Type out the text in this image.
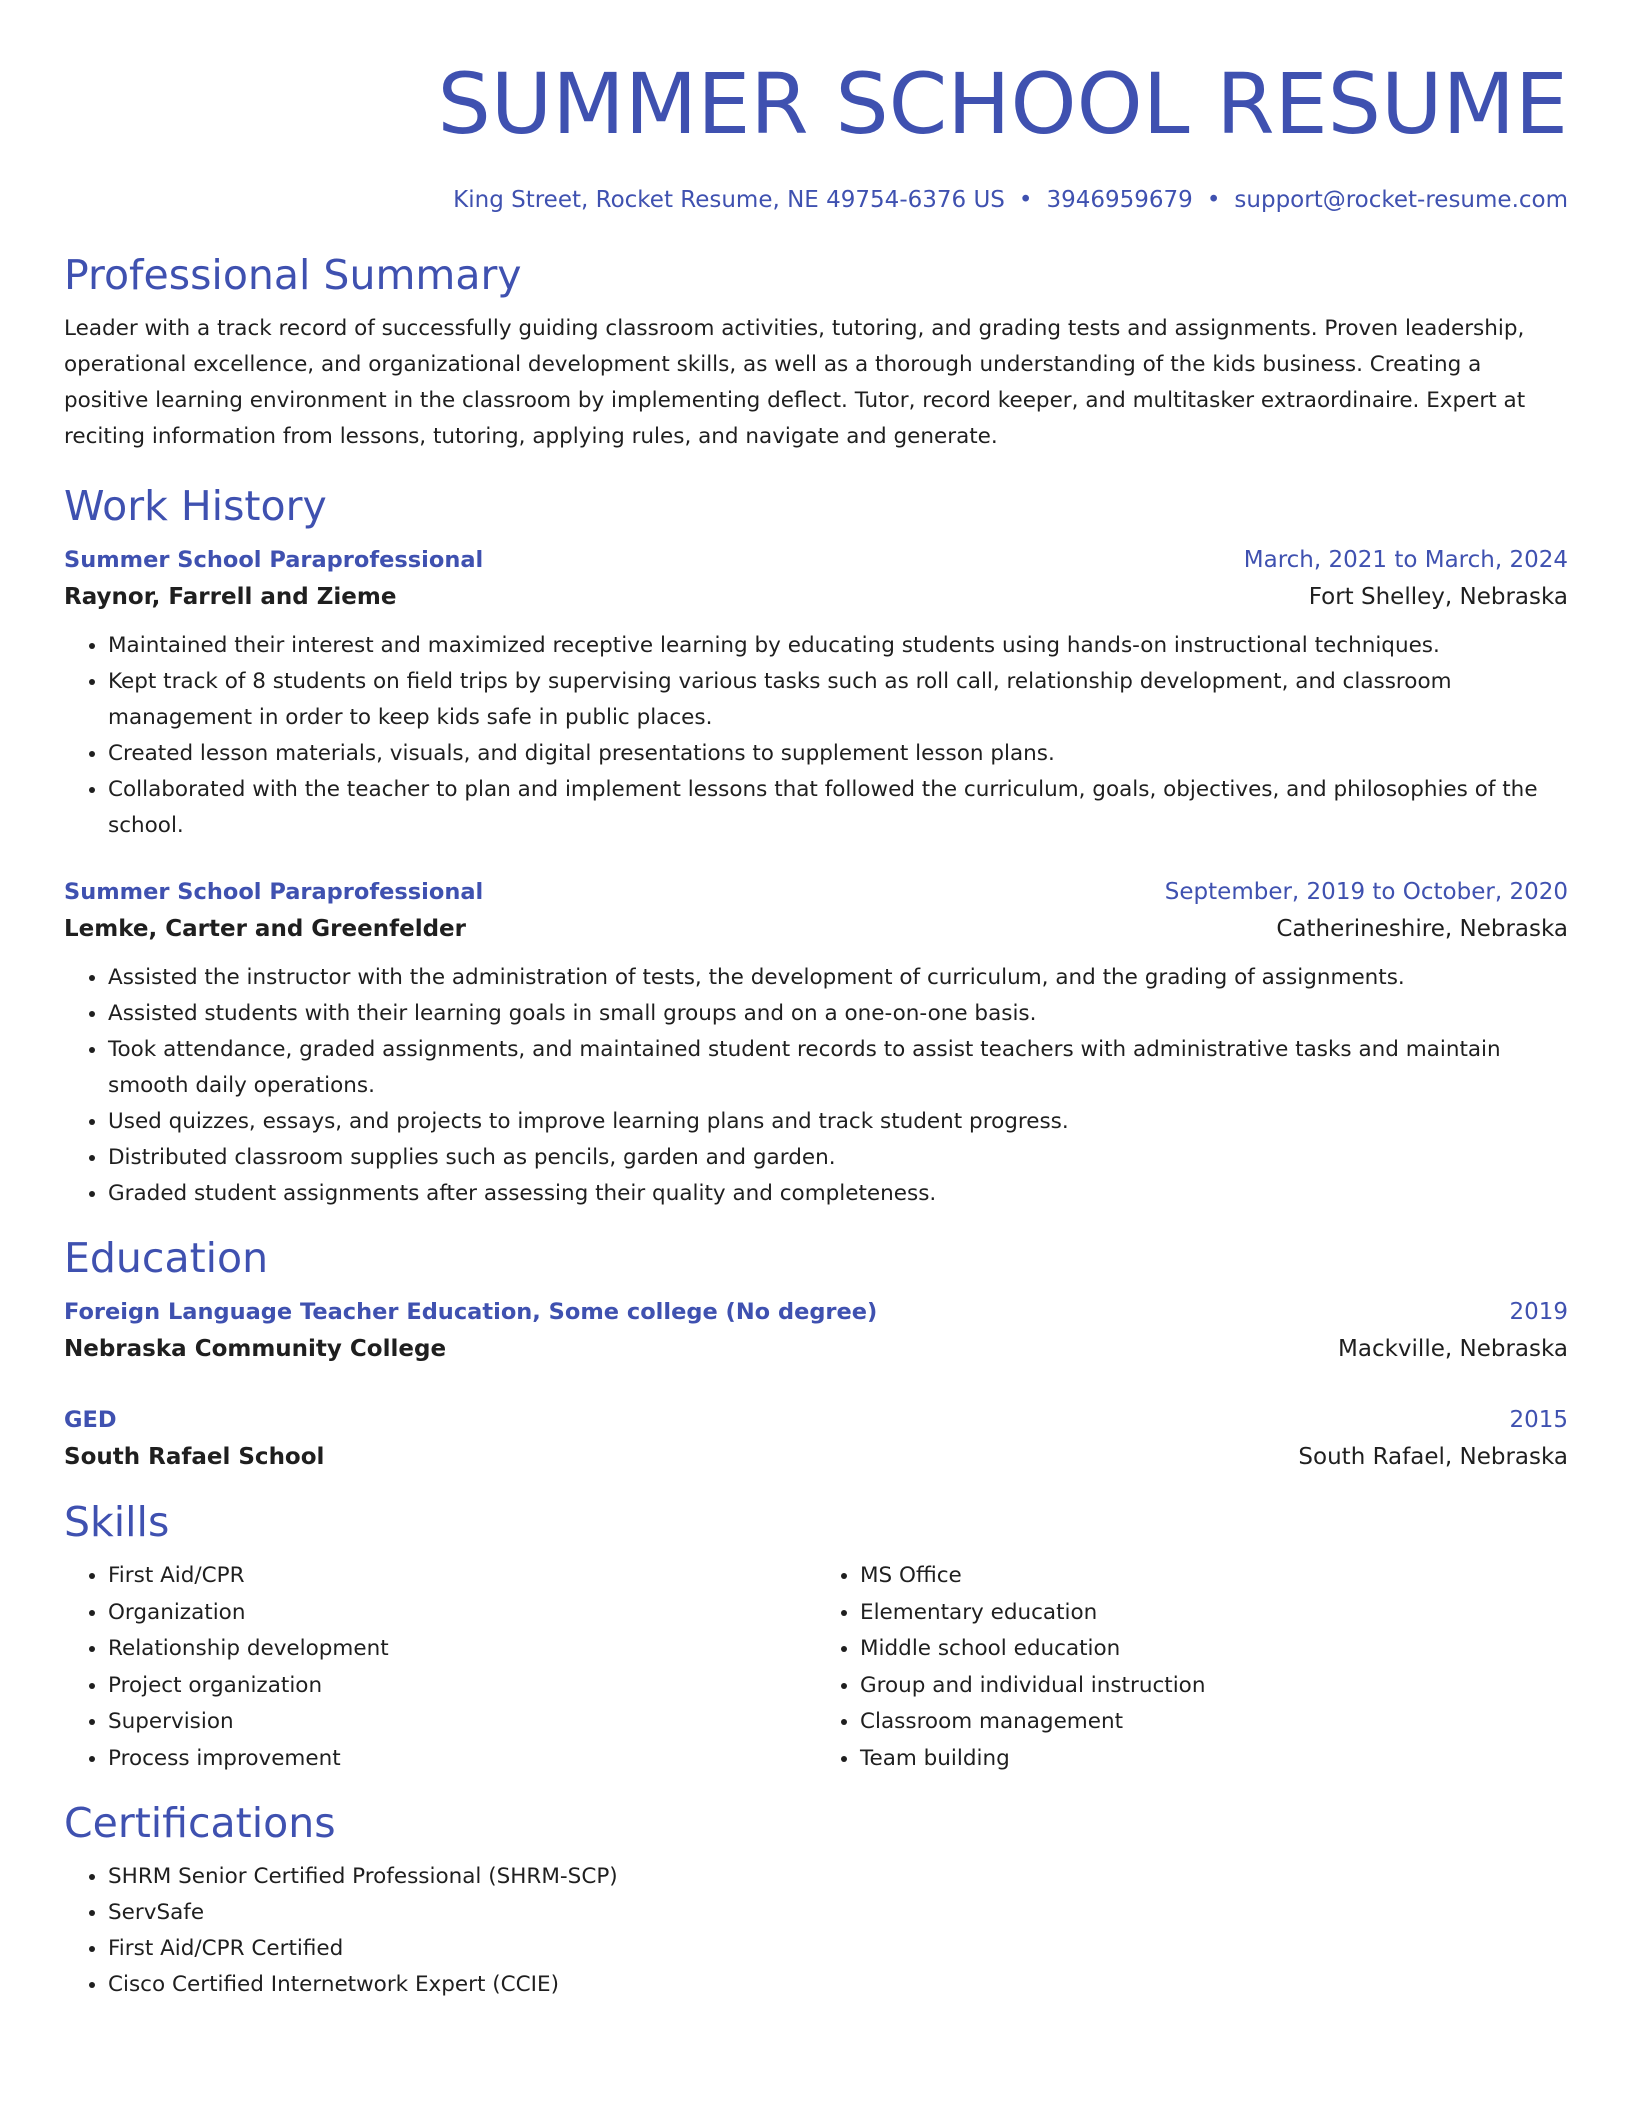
SUMMER SCHOOL RESUME
King Street, Rocket Resume, NE 49754-6376 US • 3946959679 • support@rocket-resume.com
Professional Summary

Leader with a track record of successfully guiding classroom activities, tutoring, and grading tests and assignments. Proven leadership, operational excellence, and organizational development skills, as well as a thorough understanding of the kids business. Creating a positive learning environment in the classroom by implementing deflect. Tutor, record keeper, and multitasker extraordinaire. Expert at reciting information from lessons, tutoring, applying rules, and navigate and generate.

Work History
Summer School Paraprofessional	March, 2021 to March, 2024
Raynor, Farrell and Zieme	Fort Shelley, Nebraska
• Maintained their interest and maximized receptive learning by educating students using hands-on instructional techniques.
• Kept track of 8 students on field trips by supervising various tasks such as roll call, relationship development, and classroom management in order to keep kids safe in public places.
• Created lesson materials, visuals, and digital presentations to supplement lesson plans.
• Collaborated with the teacher to plan and implement lessons that followed the curriculum, goals, objectives, and philosophies of the school.
Summer School Paraprofessional	September, 2019 to October, 2020
Lemke, Carter and Greenfelder	Catherineshire, Nebraska
• Assisted the instructor with the administration of tests, the development of curriculum, and the grading of assignments.
• Assisted students with their learning goals in small groups and on a one-on-one basis.
• Took attendance, graded assignments, and maintained student records to assist teachers with administrative tasks and maintain smooth daily operations.
• Used quizzes, essays, and projects to improve learning plans and track student progress.
• Distributed classroom supplies such as pencils, garden and garden.
• Graded student assignments after assessing their quality and completeness.
Education
Foreign Language Teacher Education, Some college (No degree)	2019
Nebraska Community College	Mackville, Nebraska
GED	2015
South Rafael School	South Rafael, Nebraska
Skills
• First Aid/CPR
• Organization
• Relationship development
• Project organization
• Supervision
• Process improvement
• MS Office
• Elementary education
• Middle school education
• Group and individual instruction
• Classroom management
• Team building
Certifications
• SHRM Senior Certified Professional (SHRM-SCP)
• ServSafe
• First Aid/CPR Certified
• Cisco Certified Internetwork Expert (CCIE)
